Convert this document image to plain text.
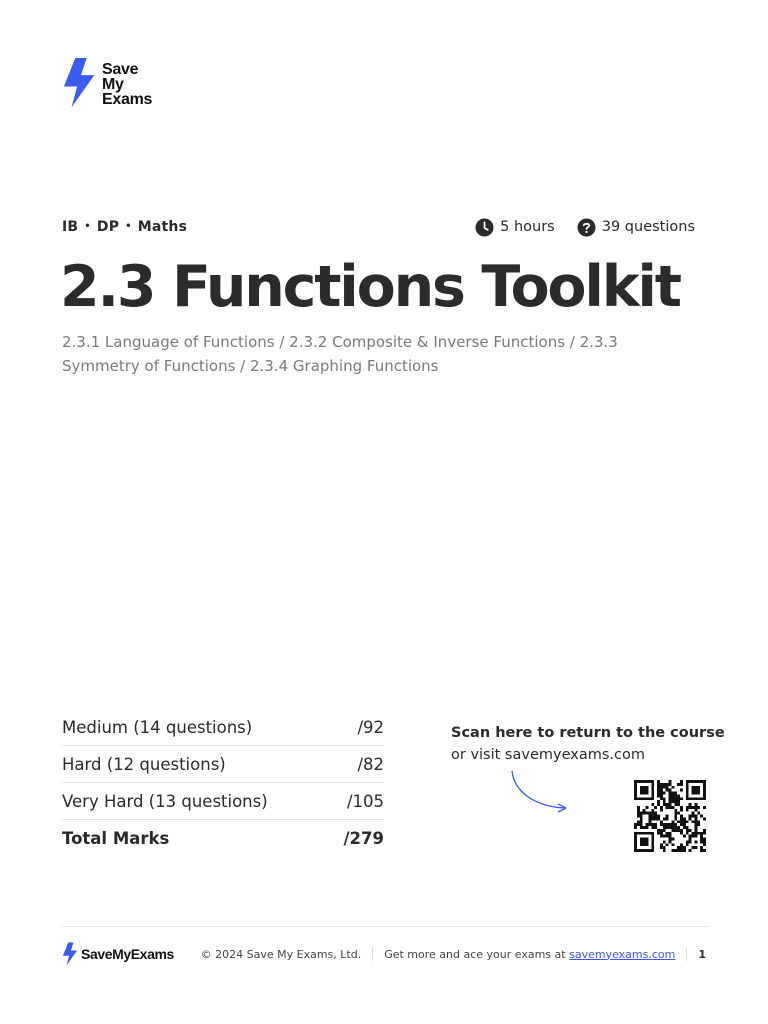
Save
My
Exams
IB • DP • Maths	5 hours	39 questions
2.3 Functions Toolkit

2.3.1 Language of Functions / 2.3.2 Composite & Inverse Functions / 2.3.3 Symmetry of Functions / 2.3.4 Graphing Functions

Medium (14 questions)	/92
Hard (12 questions)	/82
Very Hard (13 questions)	/105
Total Marks	/279
Scan here to return to the course
or visit savemyexams.com
SaveMyExams © 2024 Save My Exams, Ltd. Get more and ace your exams at savemyexams.com 1
